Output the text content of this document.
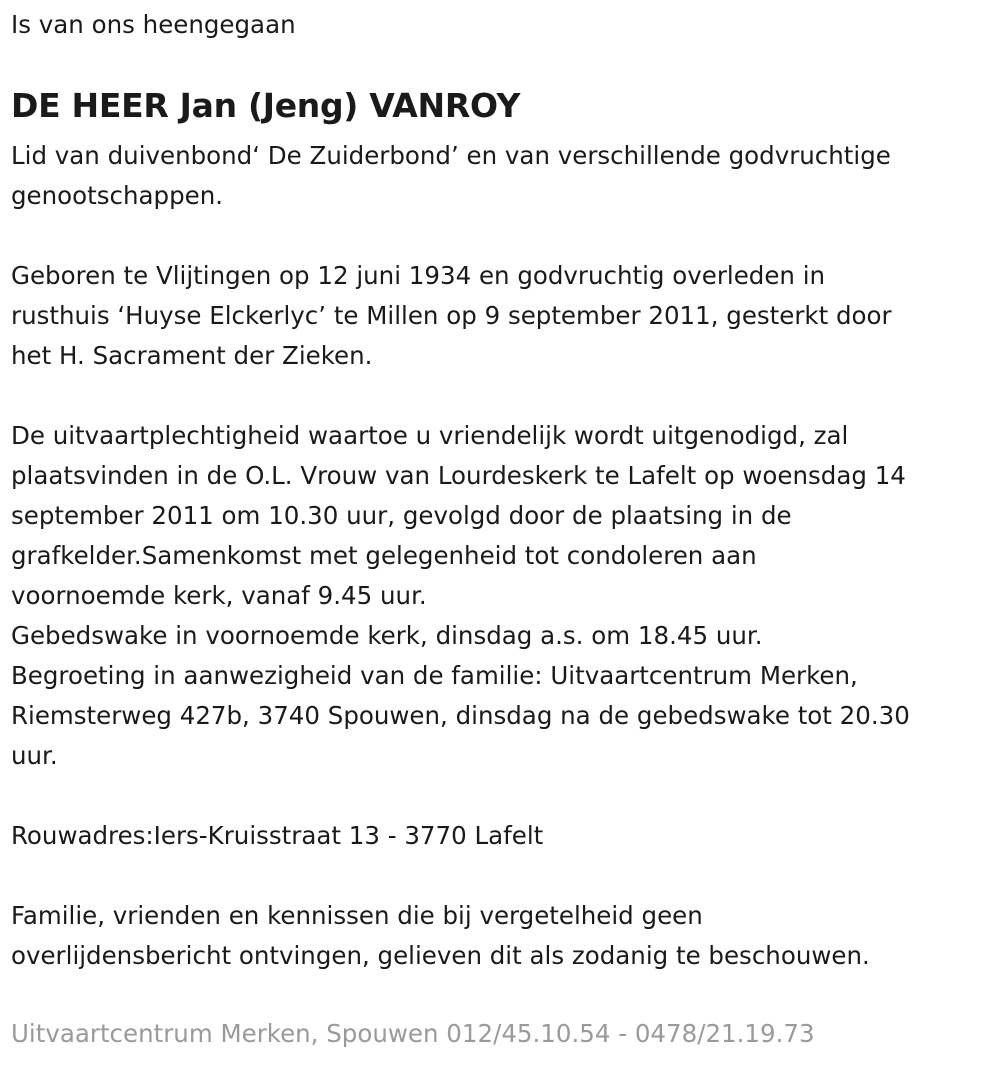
Is van ons heengegaan
DE HEER Jan (Jeng) VANROY

Lid van duivenbond‘ De Zuiderbond’ en van verschillende godvruchtige
genootschappen.

Geboren te Vlijtingen op 12 juni 1934 en godvruchtig overleden in
rusthuis ‘Huyse Elckerlyc’ te Millen op 9 september 2011, gesterkt door
het H. Sacrament der Zieken.

De uitvaartplechtigheid waartoe u vriendelijk wordt uitgenodigd, zal
plaatsvinden in de O.L. Vrouw van Lourdeskerk te Lafelt op woensdag 14
september 2011 om 10.30 uur, gevolgd door de plaatsing in de
grafkelder.Samenkomst met gelegenheid tot condoleren aan
voornoemde kerk, vanaf 9.45 uur.
Gebedswake in voornoemde kerk, dinsdag a.s. om 18.45 uur.
Begroeting in aanwezigheid van de familie: Uitvaartcentrum Merken,
Riemsterweg 427b, 3740 Spouwen, dinsdag na de gebedswake tot 20.30
uur.

Rouwadres:Iers-Kruisstraat 13 - 3770 Lafelt

Familie, vrienden en kennissen die bij vergetelheid geen
overlijdensbericht ontvingen, gelieven dit als zodanig te beschouwen.

Uitvaartcentrum Merken, Spouwen 012/45.10.54 - 0478/21.19.73
